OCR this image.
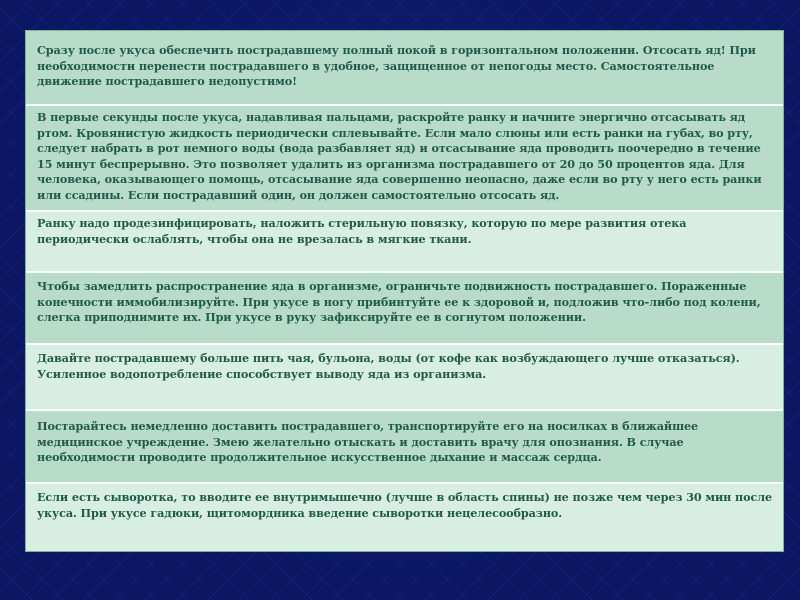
Сразу после укуса обеспечить пострадавшему полный покой в горизонтальном положении. Отсосать яд! При необходимости перенести пострадавшего в удобное, защищенное от непогоды место. Самостоятельное движение пострадавшего недопустимо!
В первые секунды после укуса, надавливая пальцами, раскройте ранку и начните энергично отсасывать яд ртом. Кровянистую жидкость периодически сплевывайте. Если мало слюны или есть ранки на губах, во рту, следует набрать в рот немного воды (вода разбавляет яд) и отсасывание яда проводить поочередно в течение 15 минут беспрерывно. Это позволяет удалить из организма пострадавшего от 20 до 50 процентов яда. Для человека, оказывающего помощь, отсасывание яда совершенно неопасно, даже если во рту у него есть ранки или ссадины. Если пострадавший один, он должен самостоятельно отсосать яд.
Ранку надо продезинфицировать, наложить стерильную повязку, которую по мере развития отека периодически ослаблять, чтобы она не врезалась в мягкие ткани.
Чтобы замедлить распространение яда в организме, ограничьте подвижность пострадавшего. Пораженные конечности иммобилизируйте. При укусе в ногу прибинтуйте ее к здоровой и, подложив что-либо под колени, слегка приподнимите их. При укусе в руку зафиксируйте ее в согнутом положении.
Давайте пострадавшему больше пить чая, бульона, воды (от кофе как возбуждающего лучше отказаться). Усиленное водопотребление способствует выводу яда из организма.
Постарайтесь немедленно доставить пострадавшего, транспортируйте его на носилках в ближайшее медицинское учреждение. Змею желательно отыскать и доставить врачу для опознания. В случае необходимости проводите продолжительное искусственное дыхание и массаж сердца.
Если есть сыворотка, то вводите ее внутримышечно (лучше в область спины) не позже чем через 30 мин после укуса. При укусе гадюки, щитомордника введение сыворотки нецелесообразно.
